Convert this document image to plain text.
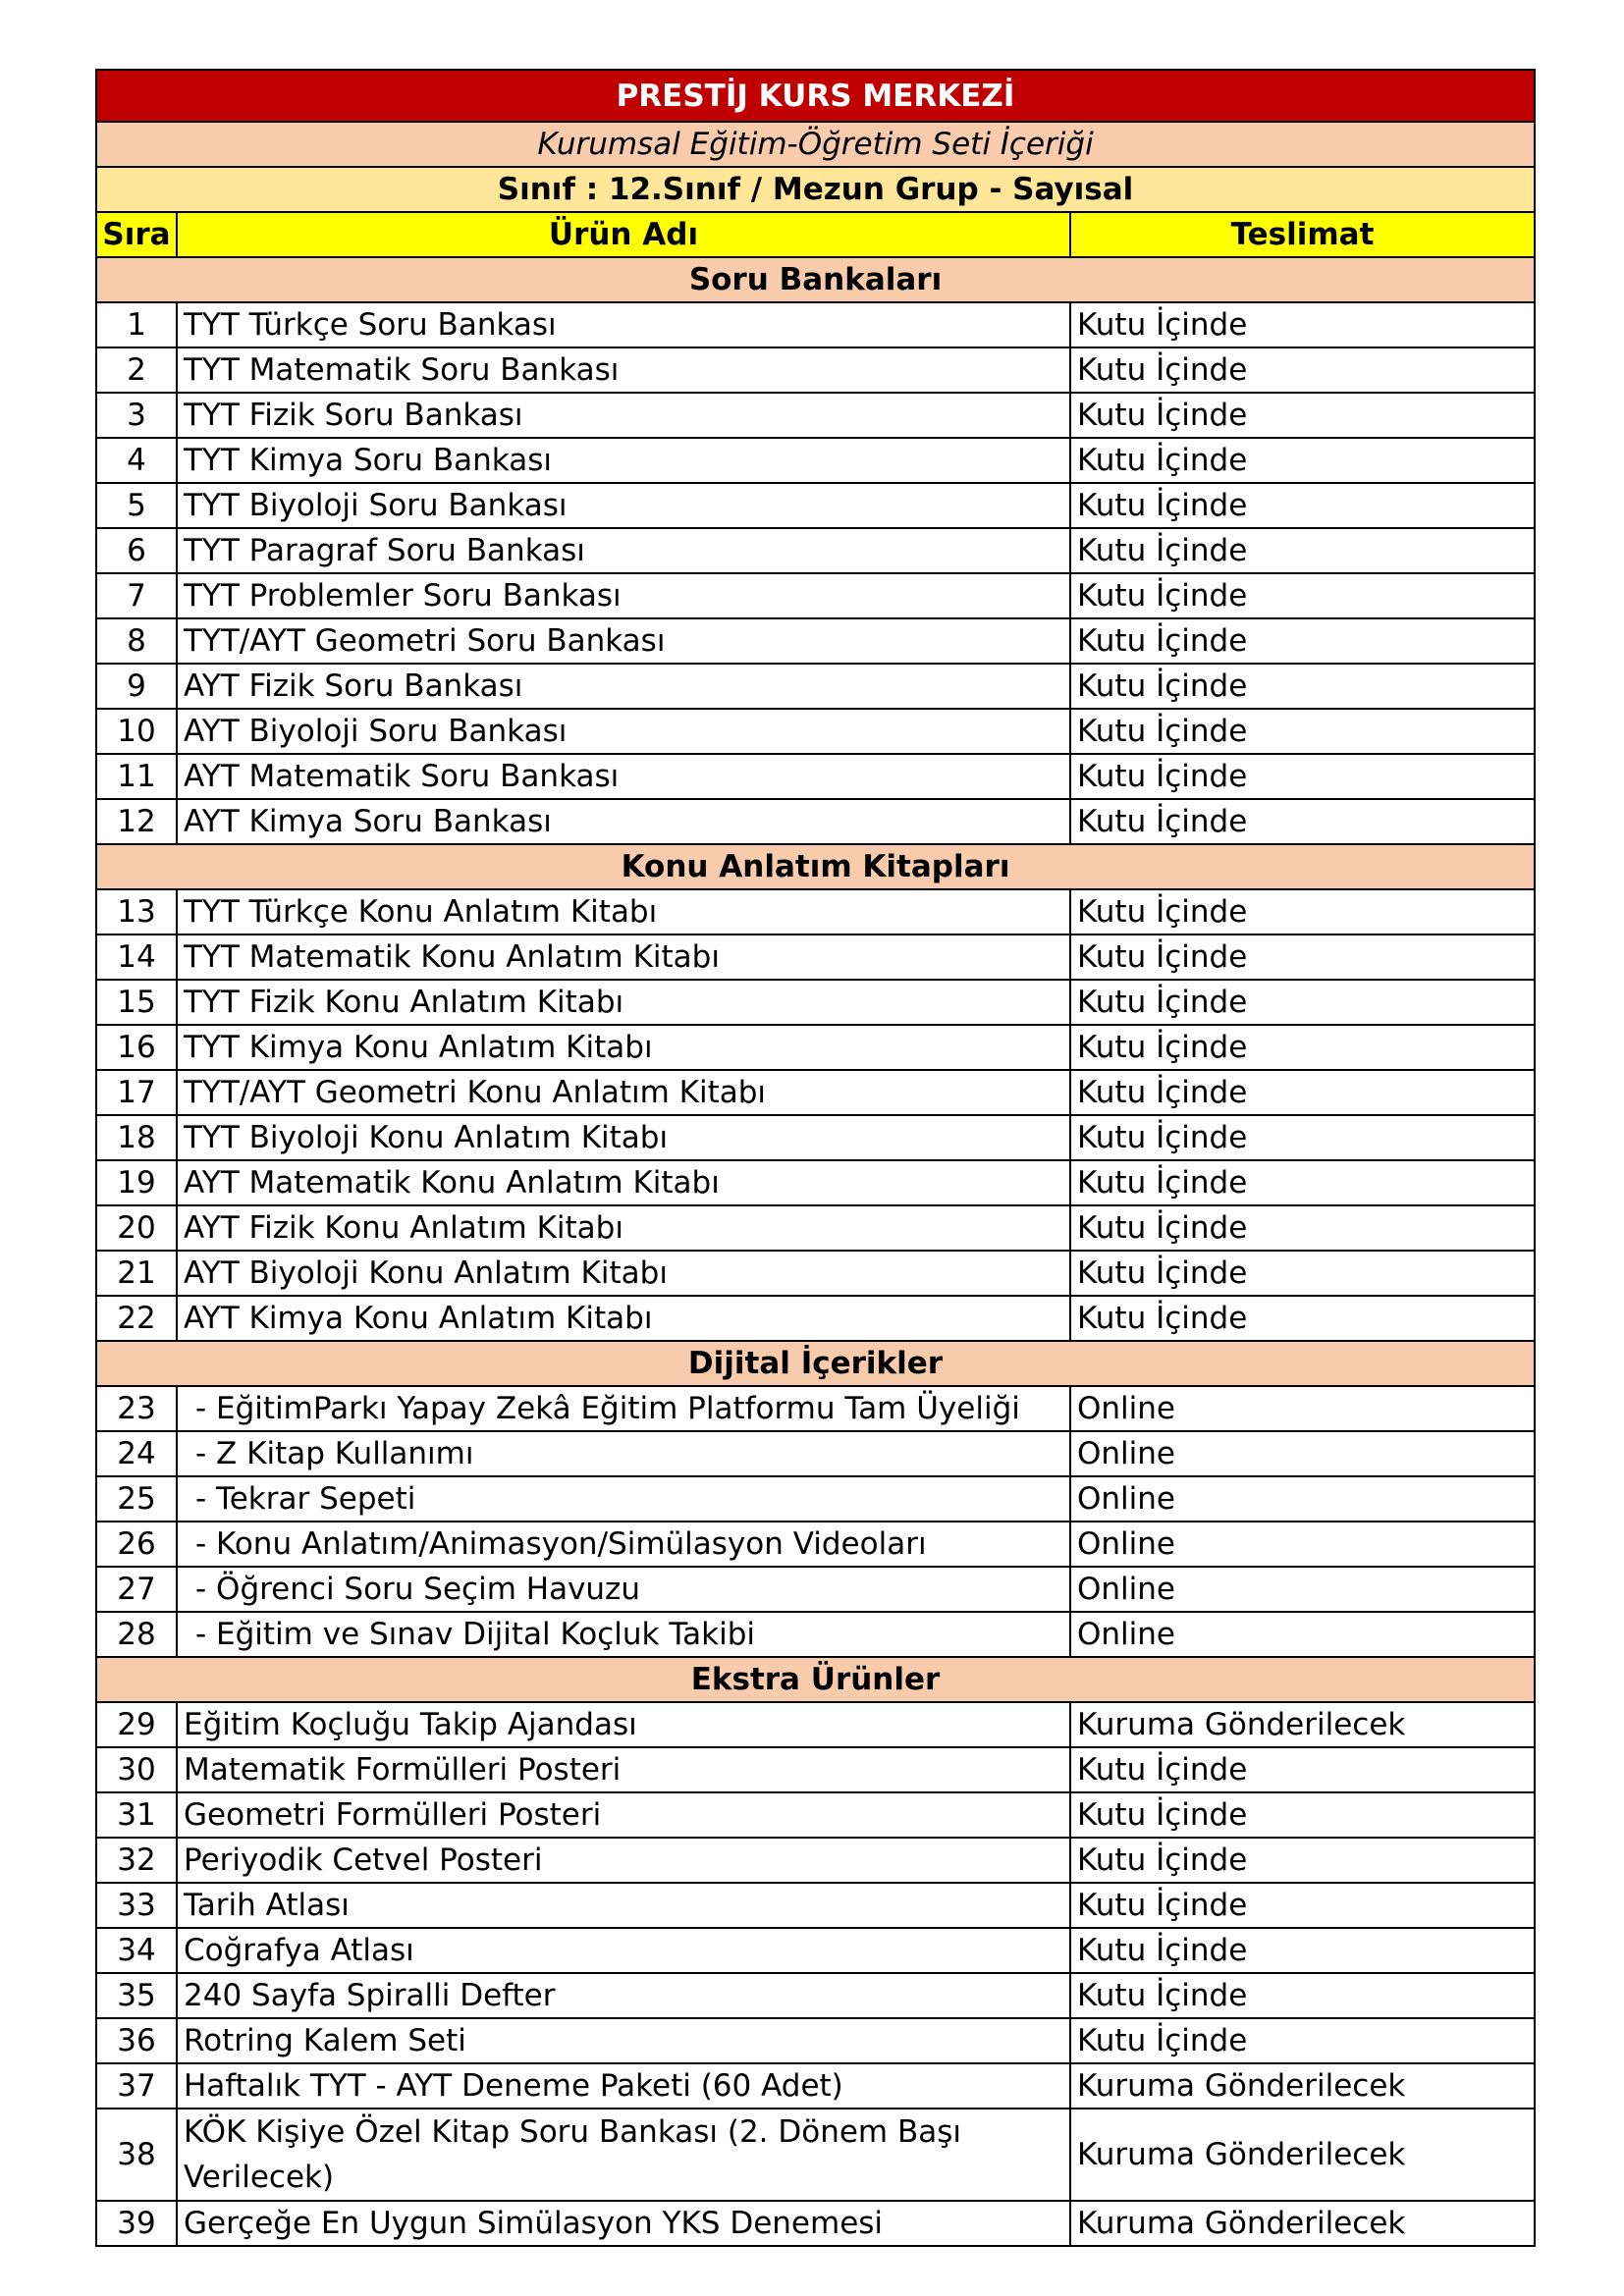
PRESTİJ KURS MERKEZİ		
Kurumsal Eğitim-Öğretim Seti İçeriği		
Sınıf : 12.Sınıf / Mezun Grup - Sayısal		
Sıra	Ürün Adı	Teslimat
Soru Bankaları		
1	TYT Türkçe Soru Bankası	Kutu İçinde
2	TYT Matematik Soru Bankası	Kutu İçinde
3	TYT Fizik Soru Bankası	Kutu İçinde
4	TYT Kimya Soru Bankası	Kutu İçinde
5	TYT Biyoloji Soru Bankası	Kutu İçinde
6	TYT Paragraf Soru Bankası	Kutu İçinde
7	TYT Problemler Soru Bankası	Kutu İçinde
8	TYT/AYT Geometri Soru Bankası	Kutu İçinde
9	AYT Fizik Soru Bankası	Kutu İçinde
10	AYT Biyoloji Soru Bankası	Kutu İçinde
11	AYT Matematik Soru Bankası	Kutu İçinde
12	AYT Kimya Soru Bankası	Kutu İçinde
Konu Anlatım Kitapları		
13	TYT Türkçe Konu Anlatım Kitabı	Kutu İçinde
14	TYT Matematik Konu Anlatım Kitabı	Kutu İçinde
15	TYT Fizik Konu Anlatım Kitabı	Kutu İçinde
16	TYT Kimya Konu Anlatım Kitabı	Kutu İçinde
17	TYT/AYT Geometri Konu Anlatım Kitabı	Kutu İçinde
18	TYT Biyoloji Konu Anlatım Kitabı	Kutu İçinde
19	AYT Matematik Konu Anlatım Kitabı	Kutu İçinde
20	AYT Fizik Konu Anlatım Kitabı	Kutu İçinde
21	AYT Biyoloji Konu Anlatım Kitabı	Kutu İçinde
22	AYT Kimya Konu Anlatım Kitabı	Kutu İçinde
Dijital İçerikler		
23	- EğitimParkı Yapay Zekâ Eğitim Platformu Tam Üyeliği	Online
24	- Z Kitap Kullanımı	Online
25	- Tekrar Sepeti	Online
26	- Konu Anlatım/Animasyon/Simülasyon Videoları	Online
27	- Öğrenci Soru Seçim Havuzu	Online
28	- Eğitim ve Sınav Dijital Koçluk Takibi	Online
Ekstra Ürünler		
29	Eğitim Koçluğu Takip Ajandası	Kuruma Gönderilecek
30	Matematik Formülleri Posteri	Kutu İçinde
31	Geometri Formülleri Posteri	Kutu İçinde
32	Periyodik Cetvel Posteri	Kutu İçinde
33	Tarih Atlası	Kutu İçinde
34	Coğrafya Atlası	Kutu İçinde
35	240 Sayfa Spiralli Defter	Kutu İçinde
36	Rotring Kalem Seti	Kutu İçinde
37	Haftalık TYT - AYT Deneme Paketi (60 Adet)	Kuruma Gönderilecek
38	KÖK Kişiye Özel Kitap Soru Bankası (2. Dönem Başı Verilecek)	Kuruma Gönderilecek
39	Gerçeğe En Uygun Simülasyon YKS Denemesi	Kuruma Gönderilecek
